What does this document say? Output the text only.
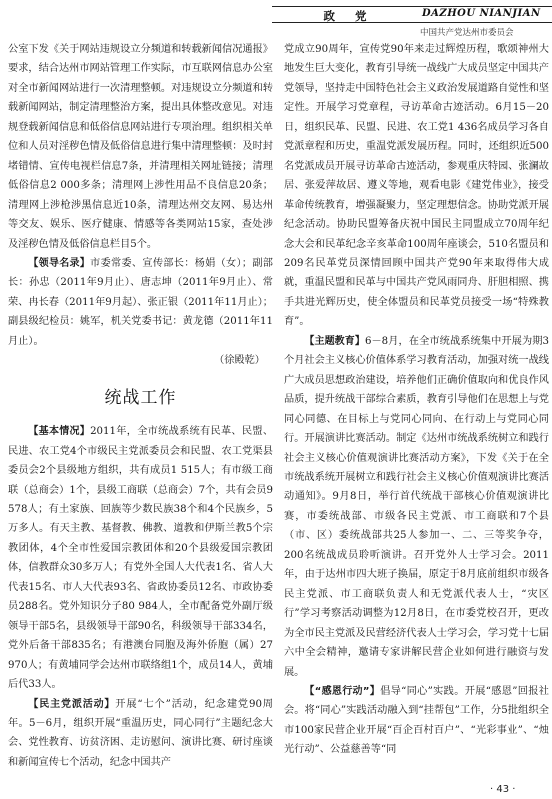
政 党	DAZHOU NIANJIAN
中国共产党达州市委员会

公室下发《关于网站违规设立分频道和转载新闻信况通报》要求，结合达州市网站管理工作实际，市互联网信息办公室对全市新闻网站进行一次清理整顿。对违规设立分频道和转载新闻网站，制定清理整治方案，提出具体整改意见。对违规登载新闻信息和低俗信息网站进行专项治理。组织相关单位和人员对淫秽色情及低俗信息进行集中清理整顿：及时封堵错情、宣传电视栏信息7条，并清理相关网址链接；清理低俗信息2 000多条；清理网上涉性用品不良信息20条；清理网上涉枪涉黑信息近10条，清理达州交友网、易达州等交友、娱乐、医疗健康、情感等各类网站15家，查处涉及淫秽色情及低俗信息栏目5个。

【领导名录】市委常委、宣传部长：杨娟（女）；副部长：孙忠（2011年9月止）、唐志坤（2011年9月止）、常荣、冉长春（2011年9月起）、张正银（2011年11月止）；副县级纪检员：姚军，机关党委书记：黄龙德（2011年11月止）。

（徐殿乾）

统战工作

【基本情况】2011年，全市统战系统有民革、民盟、民进、农工党4个市级民主党派委员会和民盟、农工党渠县委员会2个县级地方组织，共有成员1 515人；有市级工商联（总商会）1个，县级工商联（总商会）7个，共有会员9 578人；有土家族、回族等少数民族38个和4个民族乡，5万多人。有天主教、基督教、佛教、道教和伊斯兰教5个宗教团体，4个全市性爱国宗教团体和20个县级爱国宗教团体，信教群众30多万人；有党外全国人大代表1名、省人大代表15名、市人大代表93名、省政协委员12名、市政协委员288名。党外知识分子80 984人，全市配备党外副厅级领导干部5名，县级领导干部90名，科级领导干部334名，党外后备干部835名；有港澳台同胞及海外侨胞（属）27 970人；有黄埔同学会达州市联络组1个，成员14人，黄埔后代33人。

【民主党派活动】开展“七个”活动，纪念建党90周年。5－6月，组织开展“重温历史，同心同行”主题纪念大会、党性教育、访贫济困、走访慰问、演讲比赛、研讨座谈和新闻宣传七个活动，纪念中国共产

党成立90周年，宣传党90年来走过辉煌历程，歌颂神州大地发生巨大变化，教育引导统一战线广大成员坚定中国共产党领导，坚持走中国特色社会主义政治发展道路自觉性和坚定性。开展学习党章程，寻访革命古迹活动。6月15－20日，组织民革、民盟、民进、农工党1 436名成员学习各自党派章程和历史，重温党派发展历程。同时，还组织近500名党派成员开展寻访革命古迹活动，参观重庆特园、张澜故居、张爱萍故居、遵义等地，观看电影《建党伟业》，接受革命传统教育，增强凝聚力，坚定理想信念。协助党派开展纪念活动。协助民盟筹备庆祝中国民主同盟成立70周年纪念大会和民革纪念辛亥革命100周年座谈会，510名盟员和209名民革党员深情回顾中国共产党90年来取得伟大成就，重温民盟和民革与中国共产党风雨同舟、肝胆相照、携手共进光辉历史，使全体盟员和民革党员接受一场“特殊教育”。

【主题教育】6－8月，在全市统战系统集中开展为期3个月社会主义核心价值体系学习教育活动，加强对统一战线广大成员思想政治建设，培养他们正确价值取向和优良作风品质，提升统战干部综合素质，教育引导他们在思想上与党同心同德、在目标上与党同心同向、在行动上与党同心同行。开展演讲比赛活动。制定《达州市统战系统树立和践行社会主义核心价值观演讲比赛活动方案》，下发《关于在全市统战系统开展树立和践行社会主义核心价值观演讲比赛活动通知》。9月8日，举行首代统战干部核心价值观演讲比赛，市委统战部、市级各民主党派、市工商联和7个县（市、区）委统战部共25人参加一、二、三等奖争夺，200名统战成员聆听演讲。召开党外人士学习会。2011年，由于达州市四大班子换届，原定于8月底前组织市级各民主党派、市工商联负责人和无党派代表人士，“灾区行”学习考察活动调整为12月8日，在市委党校召开，更改为全市民主党派及民营经济代表人士学习会，学习党十七届六中全会精神，邀请专家讲解民营企业如何进行融资与发展。

【“感恩行动”】倡导“同心”实践。开展“感恩”回报社会。将“同心”实践活动融入到“挂帮包”工作，分5批组织全市100家民营企业开展“百企百村百户”、“光彩事业”、“烛光行动”、公益慈善等“同

· 43 ·
